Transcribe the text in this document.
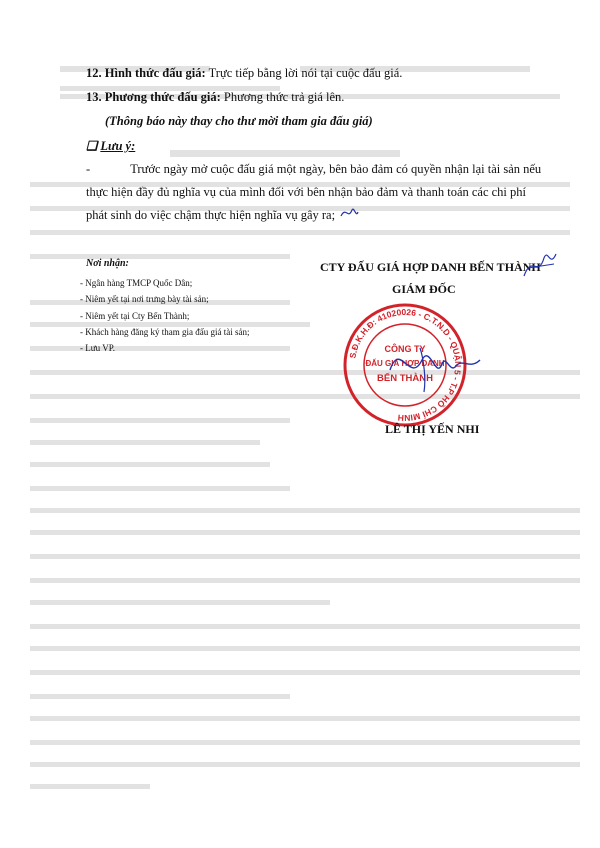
12. Hình thức đấu giá: Trực tiếp bằng lời nói tại cuộc đấu giá.
13. Phương thức đấu giá: Phương thức trả giá lên.
(Thông báo này thay cho thư mời tham gia đấu giá)
❏ Lưu ý:
-	Trước ngày mở cuộc đấu giá một ngày, bên bảo đảm có quyền nhận lại tài sản nếu
thực hiện đầy đủ nghĩa vụ của mình đối với bên nhận bảo đảm và thanh toán các chi phí
phát sinh do việc chậm thực hiện nghĩa vụ gây ra;
Nơi nhận:
- Ngân hàng TMCP Quốc Dân;
- Niêm yết tại nơi trưng bày tài sản;
- Niêm yết tại Cty Bến Thành;
- Khách hàng đăng ký tham gia đấu giá tài sản;
- Lưu VP.
CTY ĐẤU GIÁ HỢP DANH BẾN THÀNH
GIÁM ĐỐC
S.Đ.K.H.Đ: 41020026 - C.T.N.D - QUẬN 5 - T.P HỒ CHÍ MINH
CÔNG TY
ĐẤU GIÁ HỢP DANH
BẾN THÀNH
LÊ THỊ YẾN NHI
